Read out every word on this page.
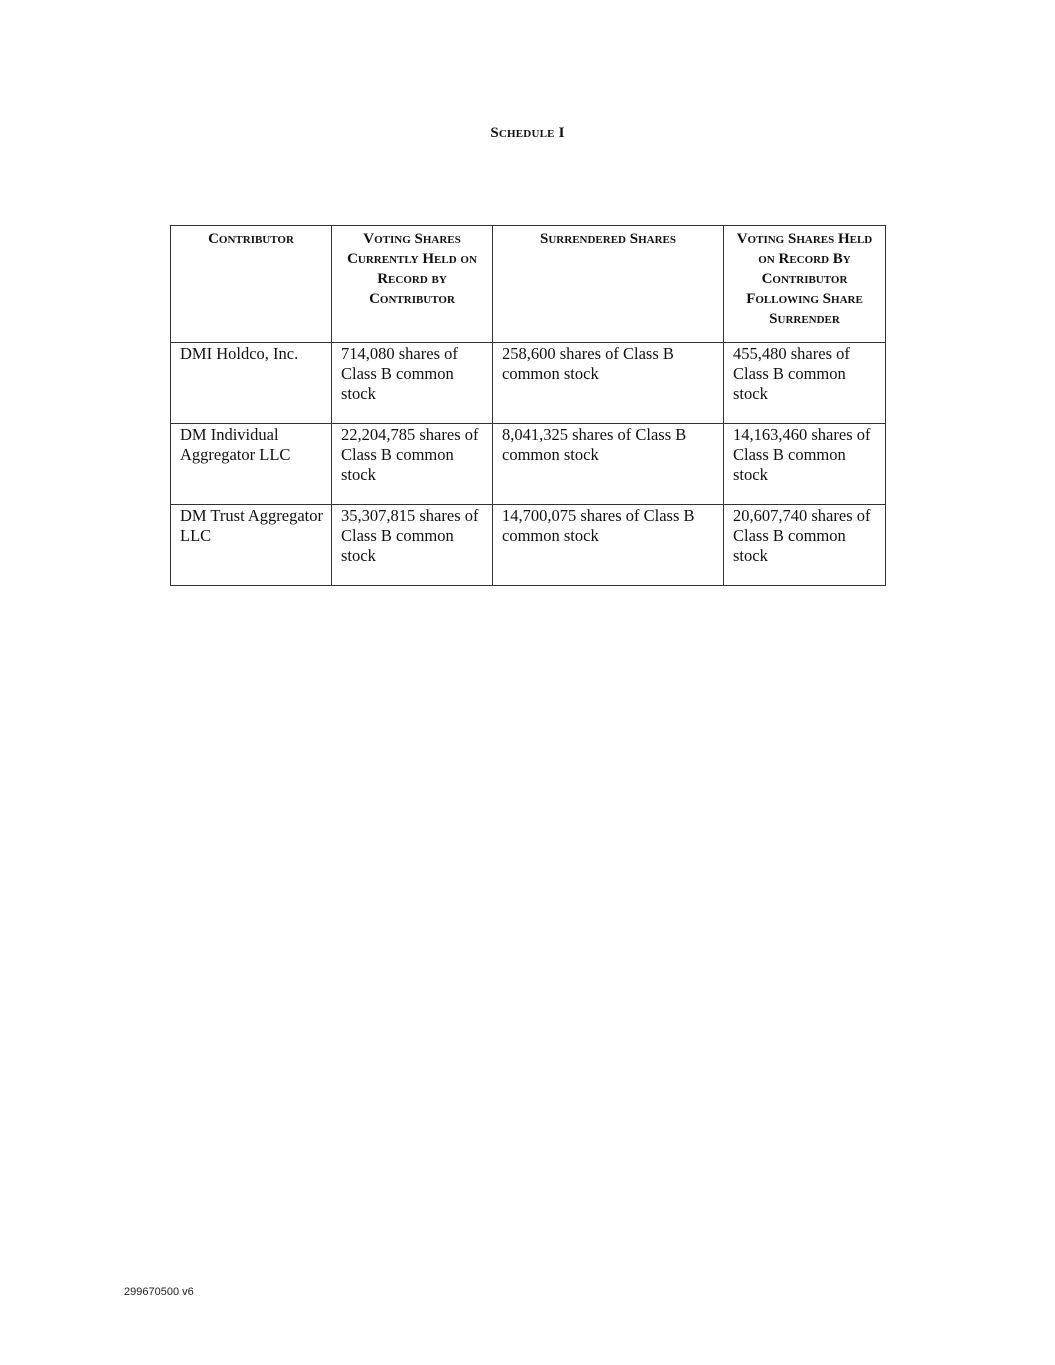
Schedule I
Contributor	Voting Shares Currently Held on Record by Contributor	Surrendered Shares	Voting Shares Held on Record By Contributor Following Share Surrender
DMI Holdco, Inc.	714,080 shares of Class B common stock	258,600 shares of Class B common stock	455,480 shares of Class B common stock
DM Individual Aggregator LLC	22,204,785 shares of Class B common stock	8,041,325 shares of Class B common stock	14,163,460 shares of Class B common stock
DM Trust Aggregator LLC	35,307,815 shares of Class B common stock	14,700,075 shares of Class B common stock	20,607,740 shares of Class B common stock
299670500 v6
